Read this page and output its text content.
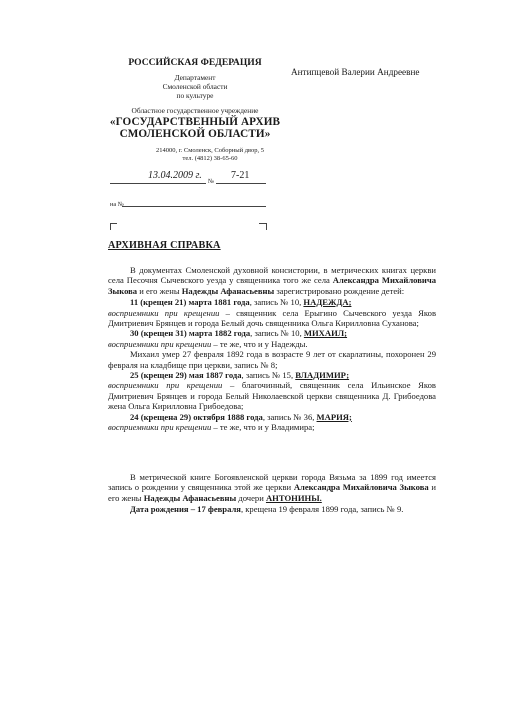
РОССИЙСКАЯ ФЕДЕРАЦИЯ
Департамент
Смоленской области
по культуре
Областное государственное учреждение
«ГОСУДАРСТВЕННЫЙ АРХИВ
СМОЛЕНСКОЙ ОБЛАСТИ»
214000, г. Смоленск, Соборный двор, 5
тел. (4812) 38-65-60
Антипцевой Валерии Андреевне
13.04.2009 г.	7-21
№
на №
АРХИВНАЯ СПРАВКА

В документах Смоленской духовной консистории, в метрических книгах церкви села Песочня Сычевского уезда у священника того же села Александра Михайловича Зыкова и его жены Надежды Афанасьевны зарегистрировано рождение детей:

11 (крещен 21) марта 1881 года, запись № 10, НАДЕЖДА;

восприемники при крещении – священник села Ерыгино Сычевского уезда Яков Дмитриевич Брянцев и города Белый дочь священника Ольга Кирилловна Суханова;

30 (крещен 31) марта 1882 года, запись № 10, МИХАИЛ;

восприемники при крещении – те же, что и у Надежды.

Михаил умер 27 февраля 1892 года в возрасте 9 лет от скарлатины, похоронен 29 февраля на кладбище при церкви, запись № 8;

25 (крещен 29) мая 1887 года, запись № 15, ВЛАДИМИР;

восприемники при крещении – благочинный, священник села Ильинское Яков Дмитриевич Брянцев и города Белый Николаевской церкви священника Д. Грибоедова жена Ольга Кирилловна Грибоедова;

24 (крещена 29) октября 1888 года, запись № 36, МАРИЯ;

восприемники при крещении – те же, что и у Владимира;

В метрической книге Богоявленской церкви города Вязьма за 1899 год имеется запись о рождении у священника этой же церкви Александра Михайловича Зыкова и его жены Надежды Афанасьевны дочери АНТОНИНЫ.

Дата рождения – 17 февраля, крещена 19 февраля 1899 года, запись № 9.
